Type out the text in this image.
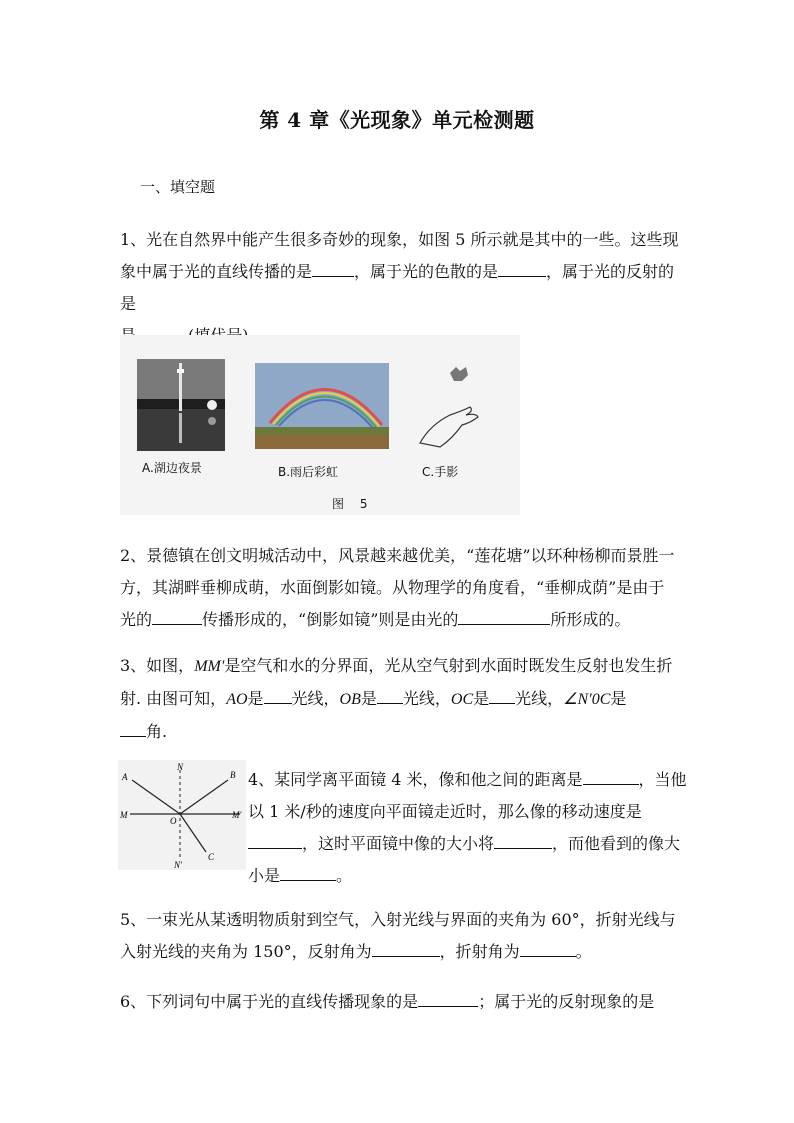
第 4 章《光现象》单元检测题
一、填空题
1、光在自然界中能产生很多奇妙的现象，如图 5 所示就是其中的一些。这些现象中属于光的直线传播的是	，属于光的色散的是	，属于光的反射的是

A.湖边夜景	B.雨后彩虹	C.手影
图 5
2、景德镇在创文明城活动中，风景越来越优美，“莲花塘”以环种杨柳而景胜一方，其湖畔垂柳成萌，水面倒影如镜。从物理学的角度看，“垂柳成荫”是由于光的	传播形成的，“倒影如镜”则是由光的	所形成的。
3、如图，MM′是空气和水的分界面，光从空气射到水面时既发生反射也发生折射. 由图可知，AO是 光线，OB是 光线，OC是 光线，∠N′0C是
角.
A	B
C
N
N′
M	M′
O
4、某同学离平面镜 4 米，像和他之间的距离是	，当他以 1 米/秒的速度向平面镜走近时，那么像的移动速度是，这时平面镜中像的大小将	，而他看到的像大小是	。
5、一束光从某透明物质射到空气，入射光线与界面的夹角为 60°，折射光线与入射光线的夹角为 150°，反射角为	，折射角为	。
6、下列词句中属于光的直线传播现象的是	；属于光的反射现象的是
